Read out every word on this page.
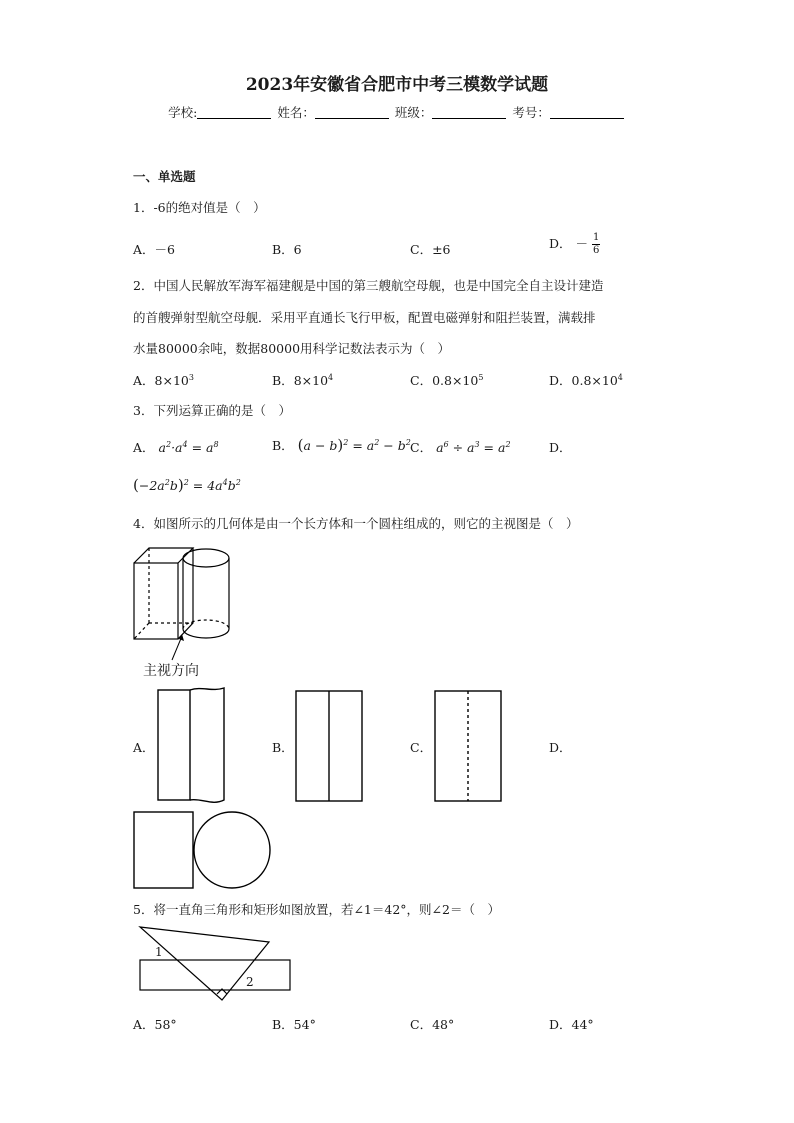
2023年安徽省合肥市中考三模数学试题
学校:	姓名：	班级：	考号：
一、单选题
1．-6的绝对值是（　）
A．－6	B．6	C．±6	D． － $\frac{1}{6}$
2．中国人民解放军海军福建舰是中国的第三艘航空母舰，也是中国完全自主设计建造
的首艘弹射型航空母舰．采用平直通长飞行甲板，配置电磁弹射和阻拦装置，满载排
水量80000余吨，数据80000用科学记数法表示为（　）
A．$8\times 10^3$	B．$8\times 10^4$	C．$0.8\times 10^5$	D．$0.8\times 10^4$
3．下列运算正确的是（　）
A． $a^2\cdot a^4 = a^8$	B． $(a - b)^2 = a^2 - b^2$ C． $a^6 \div a^3 = a^2$	D．
$(-2a^2b)^2 = 4a^4b^2$
4．如图所示的几何体是由一个长方体和一个圆柱组成的，则它的主视图是（　）
主视方向
A．	B．	C．	D．
5．将一直角三角形和矩形如图放置，若∠1＝42°，则∠2＝（　）
1
2
A．58°	B．54°	C．48°	D．44°
